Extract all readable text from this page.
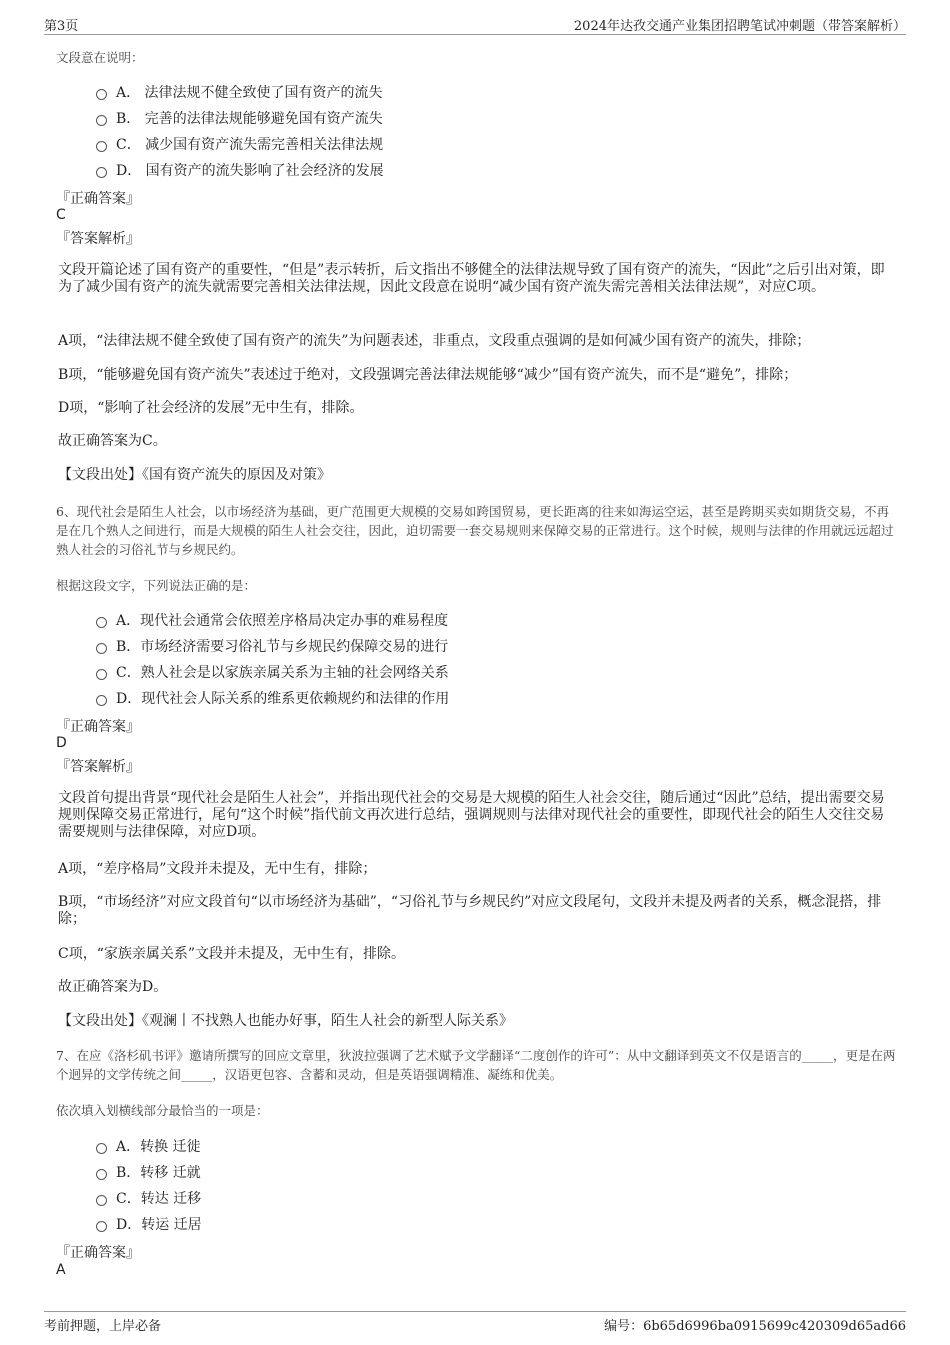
第3页	2024年达孜交通产业集团招聘笔试冲刺题（带答案解析）
文段意在说明：
A． 法律法规不健全致使了国有资产的流失
B． 完善的法律法规能够避免国有资产流失
C． 减少国有资产流失需完善相关法律法规
D． 国有资产的流失影响了社会经济的发展
『正确答案』
C
『答案解析』
文段开篇论述了国有资产的重要性，“但是”表示转折，后文指出不够健全的法律法规导致了国有资产的流失，“因此”之后引出对策，即为了减少国有资产的流失就需要完善相关法律法规，因此文段意在说明“减少国有资产流失需完善相关法律法规”，对应C项。
A项，“法律法规不健全致使了国有资产的流失”为问题表述，非重点，文段重点强调的是如何减少国有资产的流失，排除；
B项，“能够避免国有资产流失”表述过于绝对，文段强调完善法律法规能够“减少”国有资产流失，而不是“避免”，排除；
D项，“影响了社会经济的发展”无中生有，排除。
故正确答案为C。
【文段出处】《国有资产流失的原因及对策》
6、现代社会是陌生人社会，以市场经济为基础，更广范围更大规模的交易如跨国贸易，更长距离的往来如海运空运，甚至是跨期买卖如期货交易，不再是在几个熟人之间进行，而是大规模的陌生人社会交往，因此，迫切需要一套交易规则来保障交易的正常进行。这个时候，规则与法律的作用就远远超过熟人社会的习俗礼节与乡规民约。
根据这段文字，下列说法正确的是：
A．现代社会通常会依照差序格局决定办事的难易程度
B．市场经济需要习俗礼节与乡规民约保障交易的进行
C．熟人社会是以家族亲属关系为主轴的社会网络关系
D．现代社会人际关系的维系更依赖规约和法律的作用
『正确答案』
D
『答案解析』
文段首句提出背景“现代社会是陌生人社会”，并指出现代社会的交易是大规模的陌生人社会交往，随后通过“因此”总结，提出需要交易规则保障交易正常进行，尾句“这个时候”指代前文再次进行总结，强调规则与法律对现代社会的重要性，即现代社会的陌生人交往交易需要规则与法律保障，对应D项。
A项，“差序格局”文段并未提及，无中生有，排除；
B项，“市场经济”对应文段首句“以市场经济为基础”，“习俗礼节与乡规民约”对应文段尾句，文段并未提及两者的关系，概念混搭，排除；
C项，“家族亲属关系”文段并未提及，无中生有，排除。
故正确答案为D。
【文段出处】《观澜丨不找熟人也能办好事，陌生人社会的新型人际关系》
7、在应《洛杉矶书评》邀请所撰写的回应文章里，狄波拉强调了艺术赋予文学翻译“二度创作的许可”：从中文翻译到英文不仅是语言的_____，更是在两个迥异的文学传统之间_____，汉语更包容、含蓄和灵动，但是英语强调精准、凝练和优美。
依次填入划横线部分最恰当的一项是：
A．转换 迁徙
B．转移 迁就
C．转达 迁移
D．转运 迁居
『正确答案』
A
考前押题，上岸必备	编号：6b65d6996ba0915699c420309d65ad66
